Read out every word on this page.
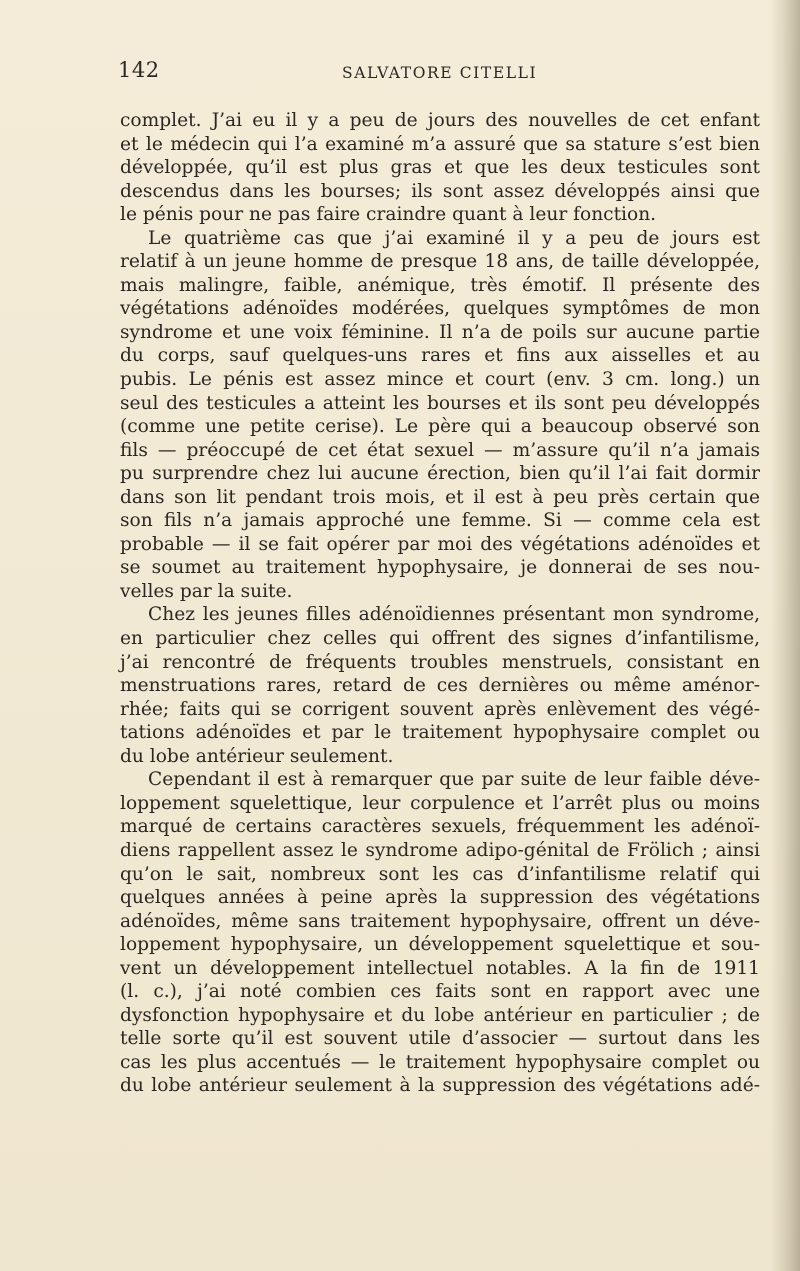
142	SALVATORE CITELLI
complet. J’ai eu il y a peu de jours des nouvelles de cet enfant
et le médecin qui l’a examiné m’a assuré que sa stature s’est bien
développée, qu’il est plus gras et que les deux testicules sont
descendus dans les bourses; ils sont assez développés ainsi que
le pénis pour ne pas faire craindre quant à leur fonction.
Le quatrième cas que j’ai examiné il y a peu de jours est
relatif à un jeune homme de presque 18 ans, de taille développée,
mais malingre, faible, anémique, très émotif. Il présente des
végétations adénoïdes modérées, quelques symptômes de mon
syndrome et une voix féminine. Il n’a de poils sur aucune partie
du corps, sauf quelques-uns rares et fins aux aisselles et au
pubis. Le pénis est assez mince et court (env. 3 cm. long.) un
seul des testicules a atteint les bourses et ils sont peu développés
(comme une petite cerise). Le père qui a beaucoup observé son
fils — préoccupé de cet état sexuel — m’assure qu’il n’a jamais
pu surprendre chez lui aucune érection, bien qu’il l’ai fait dormir
dans son lit pendant trois mois, et il est à peu près certain que
son fils n’a jamais approché une femme. Si — comme cela est
probable — il se fait opérer par moi des végétations adénoïdes et
se soumet au traitement hypophysaire, je donnerai de ses nou-
velles par la suite.
Chez les jeunes filles adénoïdiennes présentant mon syndrome,
en particulier chez celles qui offrent des signes d’infantilisme,
j’ai rencontré de fréquents troubles menstruels, consistant en
menstruations rares, retard de ces dernières ou même aménor-
rhée; faits qui se corrigent souvent après enlèvement des végé-
tations adénoïdes et par le traitement hypophysaire complet ou
du lobe antérieur seulement.
Cependant il est à remarquer que par suite de leur faible déve-
loppement squelettique, leur corpulence et l’arrêt plus ou moins
marqué de certains caractères sexuels, fréquemment les adénoï-
diens rappellent assez le syndrome adipo-génital de Frölich ; ainsi
qu’on le sait, nombreux sont les cas d’infantilisme relatif qui
quelques années à peine après la suppression des végétations
adénoïdes, même sans traitement hypophysaire, offrent un déve-
loppement hypophysaire, un développement squelettique et sou-
vent un développement intellectuel notables. A la fin de 1911
(l. c.), j’ai noté combien ces faits sont en rapport avec une
dysfonction hypophysaire et du lobe antérieur en particulier ; de
telle sorte qu’il est souvent utile d’associer — surtout dans les
cas les plus accentués — le traitement hypophysaire complet ou
du lobe antérieur seulement à la suppression des végétations adé-
